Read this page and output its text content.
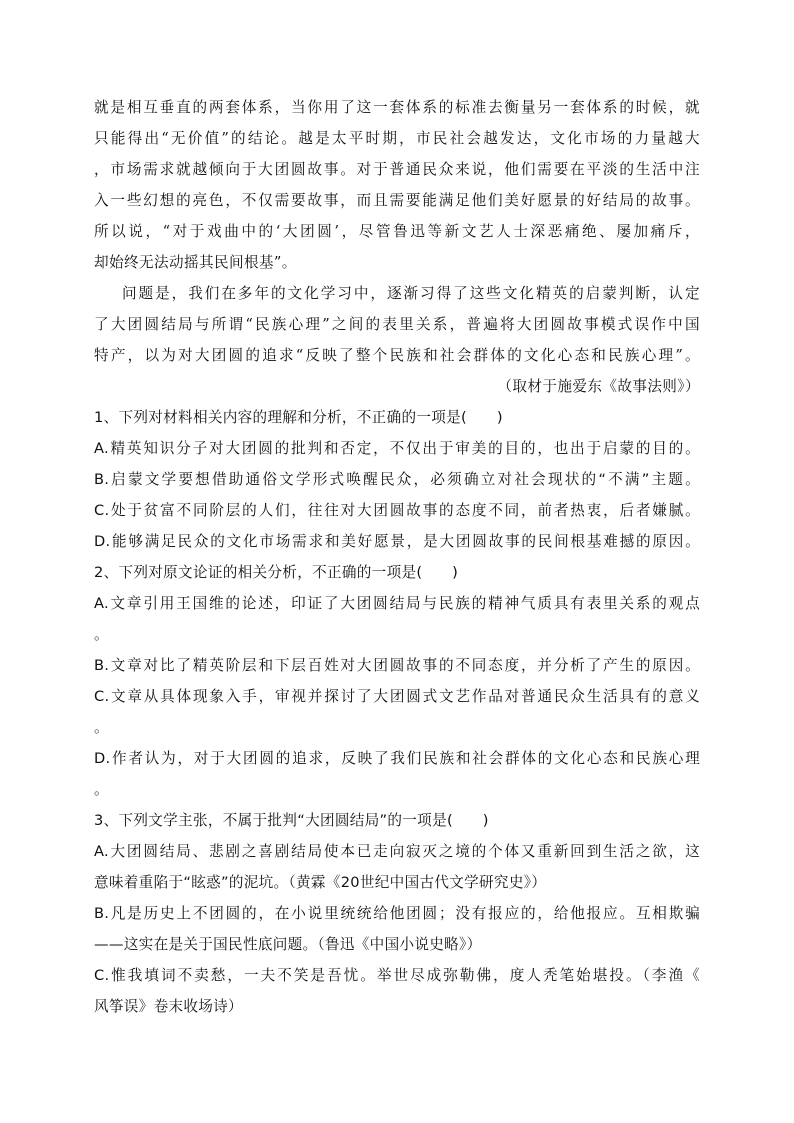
就是相互垂直的两套体系，当你用了这一套体系的标准去衡量另一套体系的时候，就
只能得出“无价值”的结论。越是太平时期，市民社会越发达，文化市场的力量越大
，市场需求就越倾向于大团圆故事。对于普通民众来说，他们需要在平淡的生活中注
入一些幻想的亮色，不仅需要故事，而且需要能满足他们美好愿景的好结局的故事。
所以说，“对于戏曲中的‘大团圆’，尽管鲁迅等新文艺人士深恶痛绝、屡加痛斥，
却始终无法动摇其民间根基”。
问题是，我们在多年的文化学习中，逐渐习得了这些文化精英的启蒙判断，认定
了大团圆结局与所谓“民族心理”之间的表里关系，普遍将大团圆故事模式误作中国
特产，以为对大团圆的追求“反映了整个民族和社会群体的文化心态和民族心理”。
（取材于施爱东《故事法则》）
1、下列对材料相关内容的理解和分析，不正确的一项是(　　)
A.精英知识分子对大团圆的批判和否定，不仅出于审美的目的，也出于启蒙的目的。
B.启蒙文学要想借助通俗文学形式唤醒民众，必须确立对社会现状的“不满”主题。
C.处于贫富不同阶层的人们，往往对大团圆故事的态度不同，前者热衷，后者嫌腻。
D.能够满足民众的文化市场需求和美好愿景，是大团圆故事的民间根基难撼的原因。
2、下列对原文论证的相关分析，不正确的一项是(　　)
A.文章引用王国维的论述，印证了大团圆结局与民族的精神气质具有表里关系的观点
。
B.文章对比了精英阶层和下层百姓对大团圆故事的不同态度，并分析了产生的原因。
C.文章从具体现象入手，审视并探讨了大团圆式文艺作品对普通民众生活具有的意义
。
D.作者认为，对于大团圆的追求，反映了我们民族和社会群体的文化心态和民族心理
。
3、下列文学主张，不属于批判“大团圆结局”的一项是(　　)
A.大团圆结局、悲剧之喜剧结局使本已走向寂灭之境的个体又重新回到生活之欲，这
意味着重陷于“眩惑”的泥坑。（黄霖《20世纪中国古代文学研究史》）
B.凡是历史上不团圆的，在小说里统统给他团圆；没有报应的，给他报应。互相欺骗
——这实在是关于国民性底问题。（鲁迅《中国小说史略》）
C.惟我填词不卖愁，一夫不笑是吾忧。举世尽成弥勒佛，度人秃笔始堪投。（李渔《
风筝误》卷末收场诗）
